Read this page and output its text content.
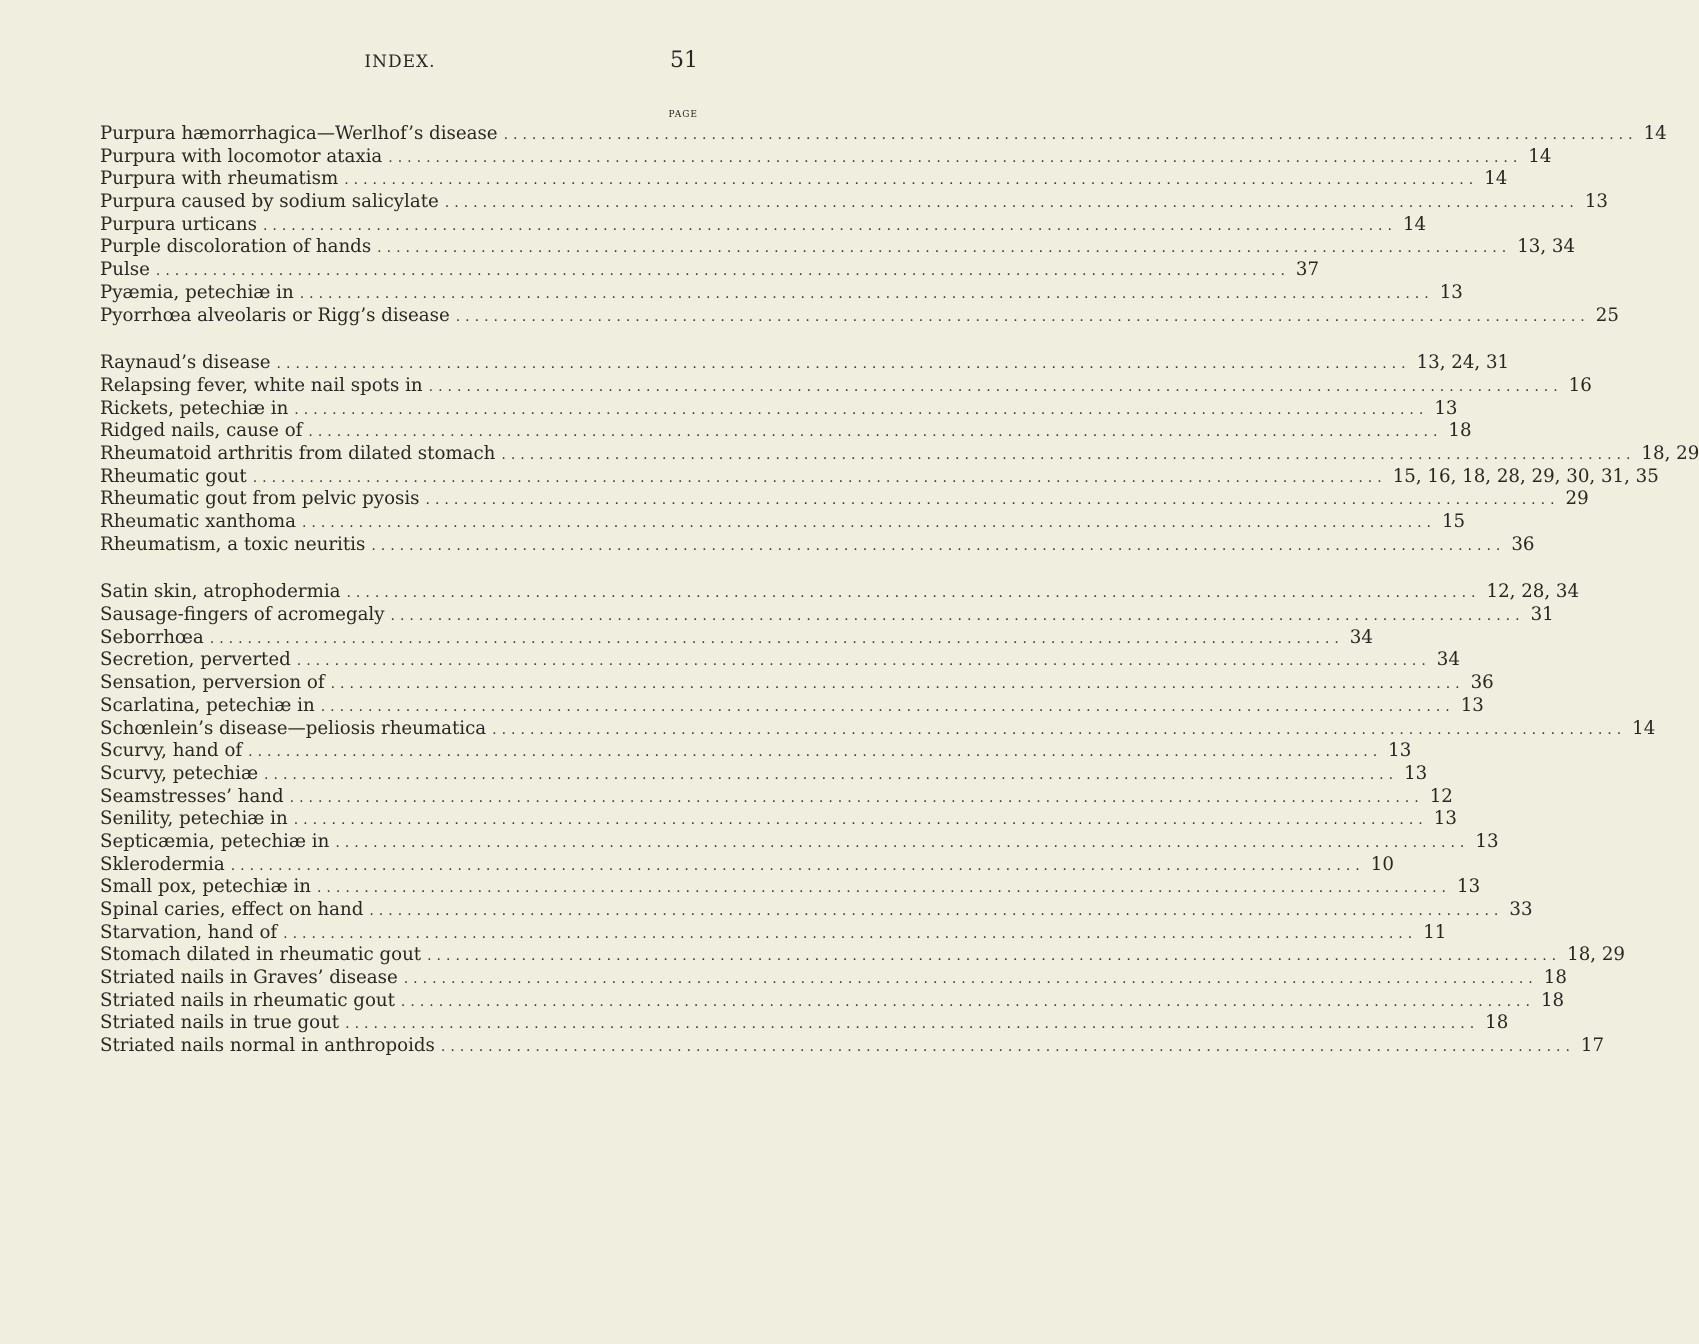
INDEX.	51
PAGE
Purpura hæmorrhagica—Werlhof’s disease ........................................................................................................................ 14
Purpura with locomotor ataxia ........................................................................................................................ 14
Purpura with rheumatism ........................................................................................................................ 14
Purpura caused by sodium salicylate ........................................................................................................................ 13
Purpura urticans ........................................................................................................................ 14
Purple discoloration of hands ........................................................................................................................ 13, 34
Pulse ........................................................................................................................ 37
Pyæmia, petechiæ in ........................................................................................................................ 13
Pyorrhœa alveolaris or Rigg’s disease ........................................................................................................................ 25
Raynaud’s disease ........................................................................................................................ 13, 24, 31
Relapsing fever, white nail spots in ........................................................................................................................ 16
Rickets, petechiæ in ........................................................................................................................ 13
Ridged nails, cause of ........................................................................................................................ 18
Rheumatoid arthritis from dilated stomach ........................................................................................................................ 18, 29
Rheumatic gout ........................................................................................................................ 15, 16, 18, 28, 29, 30, 31, 35
Rheumatic gout from pelvic pyosis ........................................................................................................................ 29
Rheumatic xanthoma ........................................................................................................................ 15
Rheumatism, a toxic neuritis ........................................................................................................................ 36
Satin skin, atrophodermia ........................................................................................................................ 12, 28, 34
Sausage-fingers of acromegaly ........................................................................................................................ 31
Seborrhœa ........................................................................................................................ 34
Secretion, perverted ........................................................................................................................ 34
Sensation, perversion of ........................................................................................................................ 36
Scarlatina, petechiæ in ........................................................................................................................ 13
Schœnlein’s disease—peliosis rheumatica ........................................................................................................................ 14
Scurvy, hand of ........................................................................................................................ 13
Scurvy, petechiæ ........................................................................................................................ 13
Seamstresses’ hand ........................................................................................................................ 12
Senility, petechiæ in ........................................................................................................................ 13
Septicæmia, petechiæ in ........................................................................................................................ 13
Sklerodermia ........................................................................................................................ 10
Small pox, petechiæ in ........................................................................................................................ 13
Spinal caries, effect on hand ........................................................................................................................ 33
Starvation, hand of ........................................................................................................................ 11
Stomach dilated in rheumatic gout ........................................................................................................................ 18, 29
Striated nails in Graves’ disease ........................................................................................................................ 18
Striated nails in rheumatic gout ........................................................................................................................ 18
Striated nails in true gout ........................................................................................................................ 18
Striated nails normal in anthropoids ........................................................................................................................ 17
